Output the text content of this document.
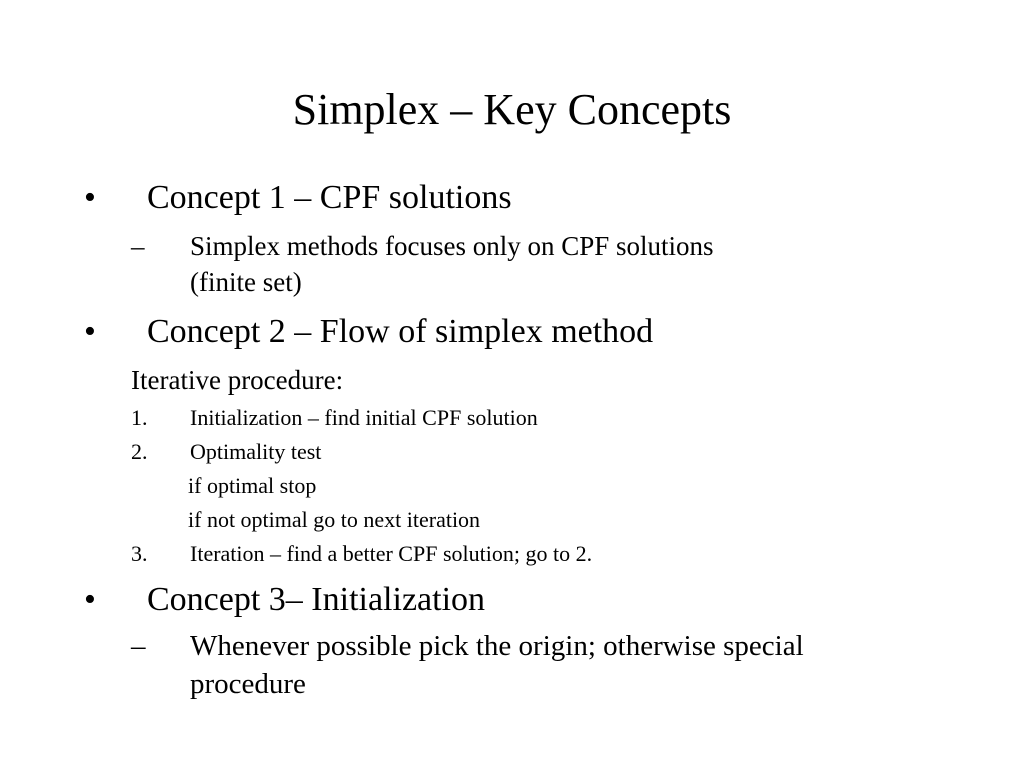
Simplex – Key Concepts
• Concept 1 – CPF solutions
– Simplex methods focuses only on CPF solutions
(finite set)
• Concept 2 – Flow of simplex method
Iterative procedure:
1. Initialization – find initial CPF solution
2. Optimality test
if optimal stop
if not optimal go to next iteration
3. Iteration – find a better CPF solution; go to 2.
• Concept 3– Initialization
– Whenever possible pick the origin; otherwise special
procedure
